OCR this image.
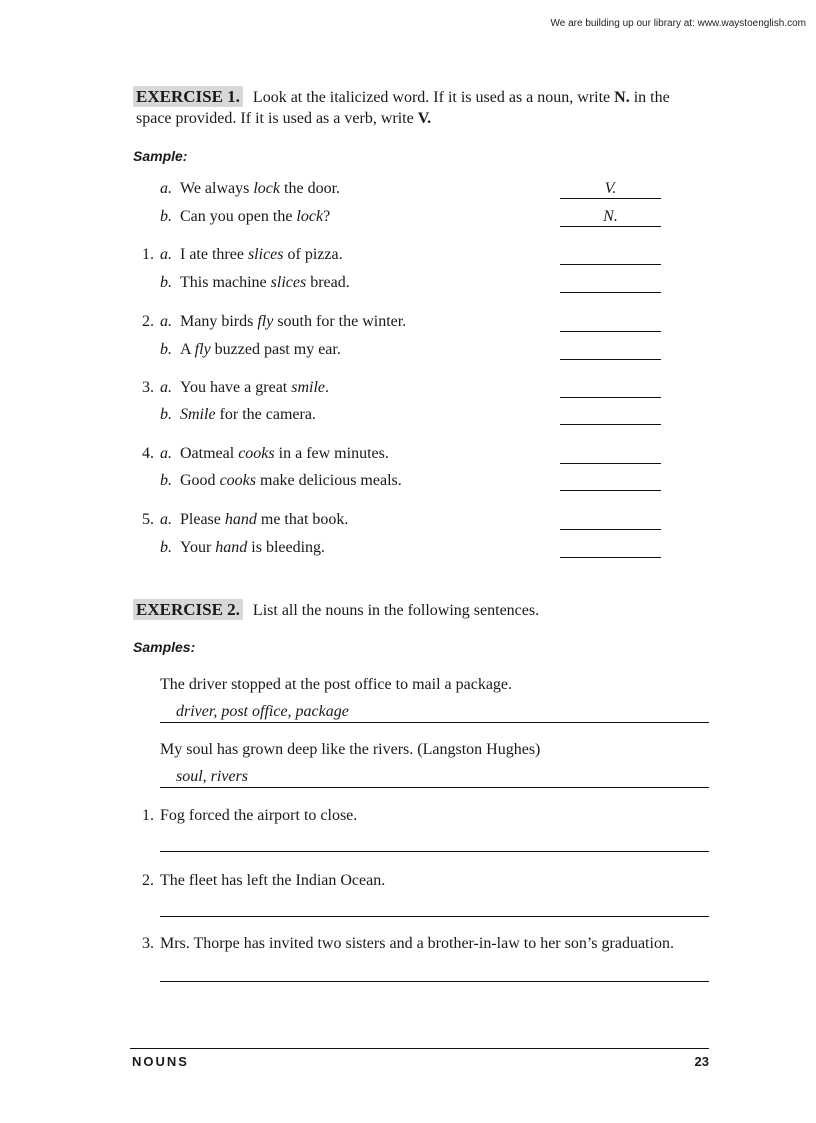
We are building up our library at: www.waystoenglish.com
EXERCISE 1. Look at the italicized word. If it is used as a noun, write N. in the
space provided. If it is used as a verb, write V.
Sample:
a. We always lock the door.	V.
b. Can you open the lock?	N.
1. a. I ate three slices of pizza.
b. This machine slices bread.
2. a. Many birds fly south for the winter.
b. A fly buzzed past my ear.
3. a. You have a great smile.
b. Smile for the camera.
4. a. Oatmeal cooks in a few minutes.
b. Good cooks make delicious meals.
5. a. Please hand me that book.
b. Your hand is bleeding.
EXERCISE 2. List all the nouns in the following sentences.
Samples:
The driver stopped at the post office to mail a package.
driver, post office, package
My soul has grown deep like the rivers. (Langston Hughes)
soul, rivers
1. Fog forced the airport to close.
2. The fleet has left the Indian Ocean.
3. Mrs. Thorpe has invited two sisters and a brother-in-law to her son’s graduation.
NOUNS	23
